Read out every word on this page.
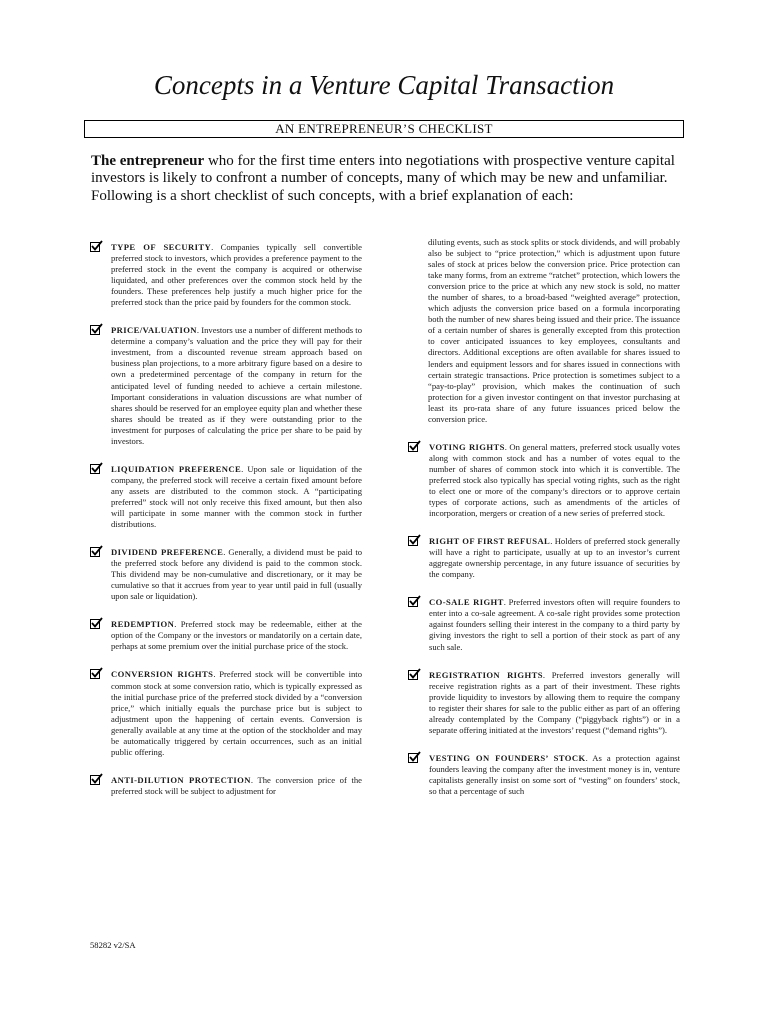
Concepts in a Venture Capital Transaction
AN ENTREPRENEUR’S CHECKLIST
The entrepreneur who for the first time enters into negotiations with prospective venture capital investors is likely to confront a number of concepts, many of which may be new and unfamiliar. Following is a short checklist of such concepts, with a brief explanation of each:
TYPE OF SECURITY. Companies typically sell convertible preferred stock to investors, which provides a preference payment to the preferred stock in the event the company is acquired or otherwise liquidated, and other preferences over the common stock held by the founders. These preferences help justify a much higher price for the preferred stock than the price paid by founders for the common stock.
PRICE/VALUATION. Investors use a number of different methods to determine a company’s valuation and the price they will pay for their investment, from a discounted revenue stream approach based on business plan projections, to a more arbitrary figure based on a desire to own a predetermined percentage of the company in return for the anticipated level of funding needed to achieve a certain milestone. Important considerations in valuation discussions are what number of shares should be reserved for an employee equity plan and whether these shares should be treated as if they were outstanding prior to the investment for purposes of calculating the price per share to be paid by investors.
LIQUIDATION PREFERENCE. Upon sale or liquidation of the company, the preferred stock will receive a certain fixed amount before any assets are distributed to the common stock. A “participating preferred” stock will not only receive this fixed amount, but then also will participate in some manner with the common stock in further distributions.
DIVIDEND PREFERENCE. Generally, a dividend must be paid to the preferred stock before any dividend is paid to the common stock. This dividend may be non-cumulative and discretionary, or it may be cumulative so that it accrues from year to year until paid in full (usually upon sale or liquidation).
REDEMPTION. Preferred stock may be redeemable, either at the option of the Company or the investors or mandatorily on a certain date, perhaps at some premium over the initial purchase price of the stock.
CONVERSION RIGHTS. Preferred stock will be convertible into common stock at some conversion ratio, which is typically expressed as the initial purchase price of the preferred stock divided by a “conversion price,” which initially equals the purchase price but is subject to adjustment upon the happening of certain events. Conversion is generally available at any time at the option of the stockholder and may be automatically triggered by certain occurrences, such as an initial public offering.
ANTI-DILUTION PROTECTION. The conversion price of the preferred stock will be subject to adjustment for
diluting events, such as stock splits or stock dividends, and will probably also be subject to “price protection,” which is adjustment upon future sales of stock at prices below the conversion price. Price protection can take many forms, from an extreme “ratchet” protection, which lowers the conversion price to the price at which any new stock is sold, no matter the number of shares, to a broad-based “weighted average” protection, which adjusts the conversion price based on a formula incorporating both the number of new shares being issued and their price. The issuance of a certain number of shares is generally excepted from this protection to cover anticipated issuances to key employees, consultants and directors. Additional exceptions are often available for shares issued to lenders and equipment lessors and for shares issued in connections with certain strategic transactions. Price protection is sometimes subject to a “pay-to-play” provision, which makes the continuation of such protection for a given investor contingent on that investor purchasing at least its pro-rata share of any future issuances priced below the conversion price.
VOTING RIGHTS. On general matters, preferred stock usually votes along with common stock and has a number of votes equal to the number of shares of common stock into which it is convertible. The preferred stock also typically has special voting rights, such as the right to elect one or more of the company’s directors or to approve certain types of corporate actions, such as amendments of the articles of incorporation, mergers or creation of a new series of preferred stock.
RIGHT OF FIRST REFUSAL. Holders of preferred stock generally will have a right to participate, usually at up to an investor’s current aggregate ownership percentage, in any future issuance of securities by the company.
CO-SALE RIGHT. Preferred investors often will require founders to enter into a co-sale agreement. A co-sale right provides some protection against founders selling their interest in the company to a third party by giving investors the right to sell a portion of their stock as part of any such sale.
REGISTRATION RIGHTS. Preferred investors generally will receive registration rights as a part of their investment. These rights provide liquidity to investors by allowing them to require the company to register their shares for sale to the public either as part of an offering already contemplated by the Company (“piggyback rights”) or in a separate offering initiated at the investors’ request (“demand rights”).
VESTING ON FOUNDERS’ STOCK. As a protection against founders leaving the company after the investment money is in, venture capitalists generally insist on some sort of “vesting” on founders’ stock, so that a percentage of such
58282 v2/SA
